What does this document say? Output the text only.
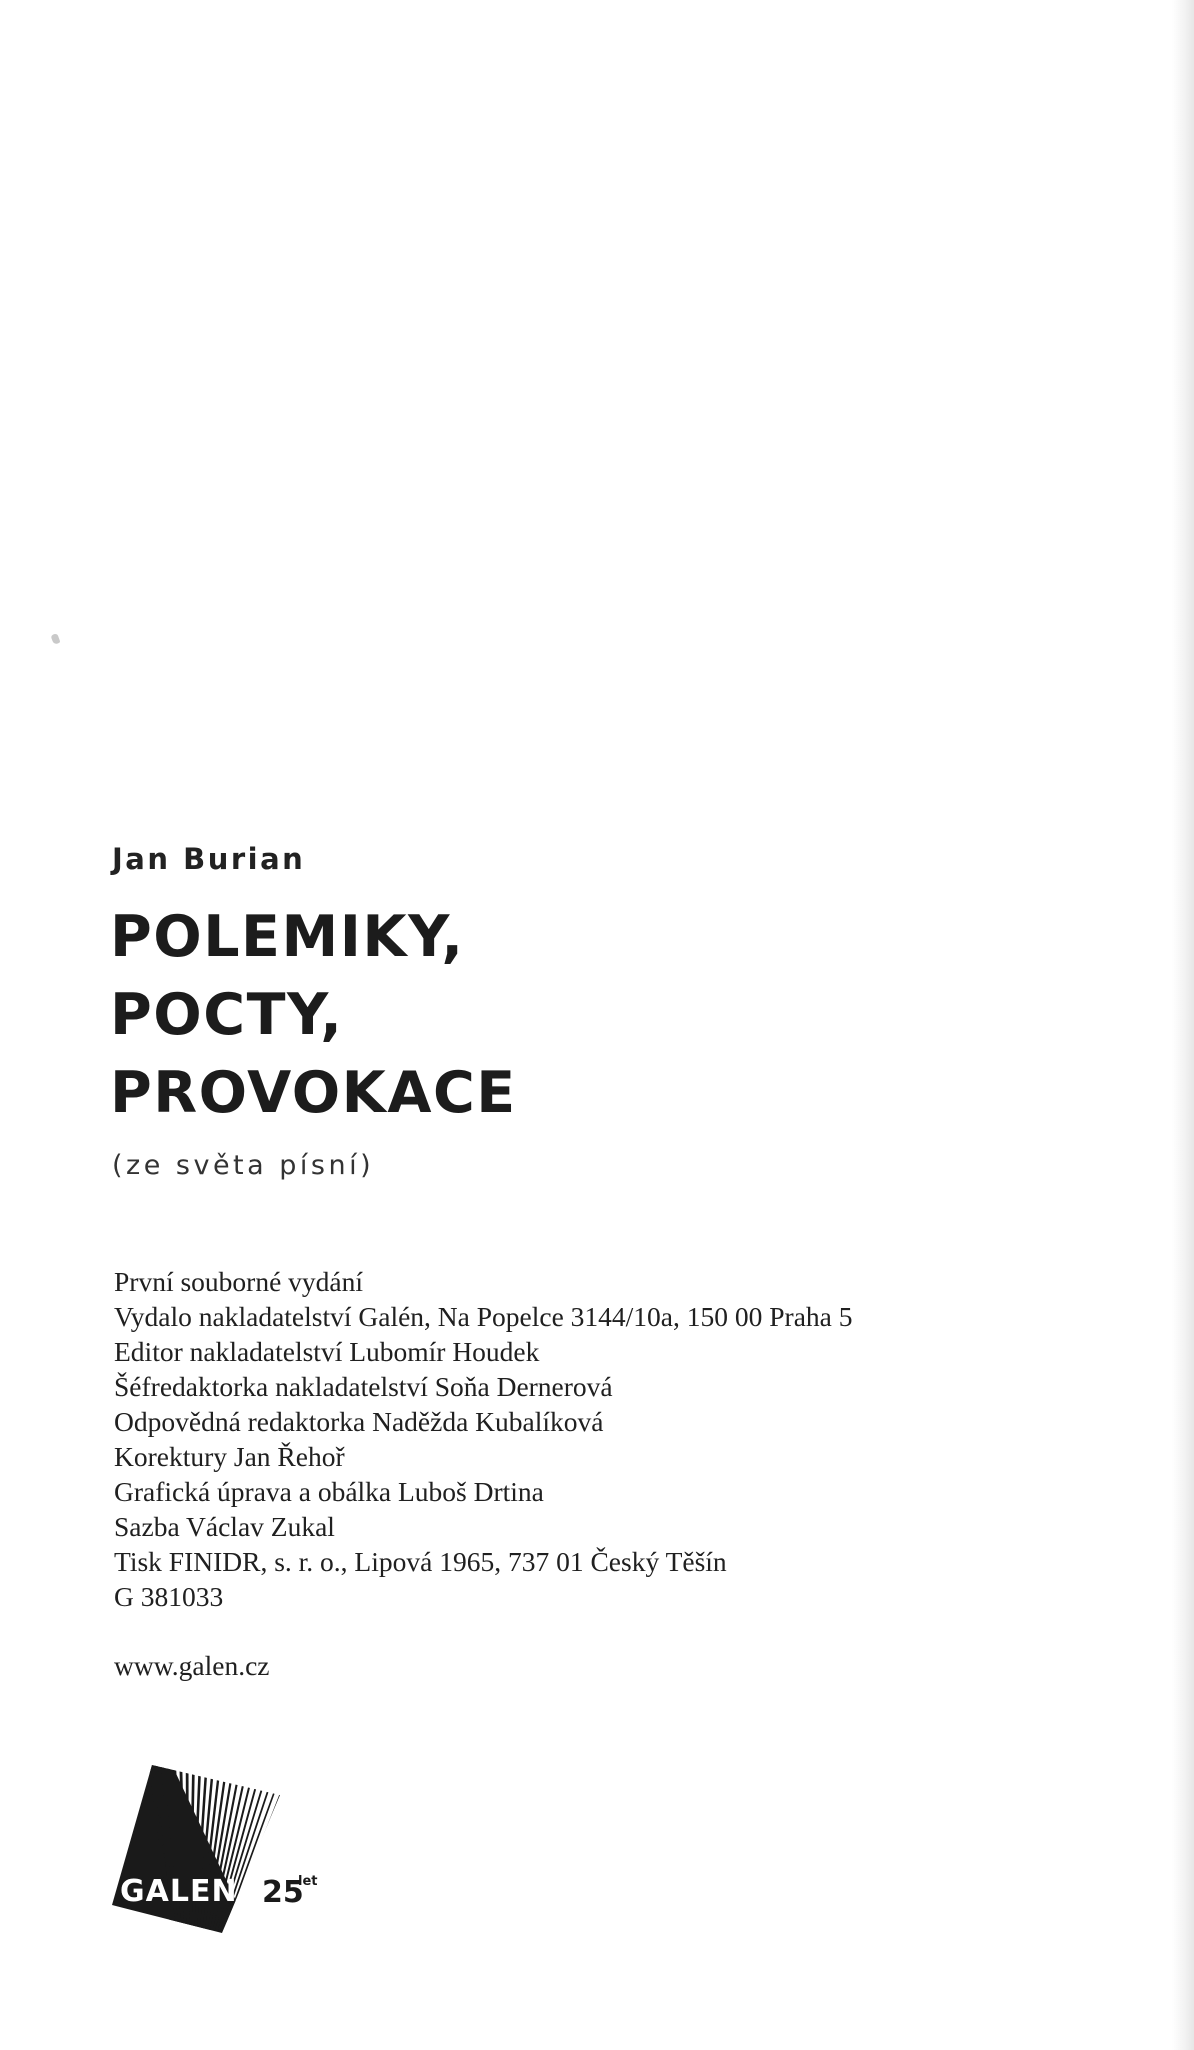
Jan Burian
POLEMIKY,
POCTY,
PROVOKACE
(ze světa písní)
První souborné vydání
Vydalo nakladatelství Galén, Na Popelce 3144/10a, 150 00 Praha 5
Editor nakladatelství Lubomír Houdek
Šéfredaktorka nakladatelství Soňa Dernerová
Odpovědná redaktorka Naděžda Kubalíková
Korektury Jan Řehoř
Grafická úprava a obálka Luboš Drtina
Sazba Václav Zukal
Tisk FINIDR, s. r. o., Lipová 1965, 737 01 Český Těšín
G 381033
www.galen.cz
GALEN 25
let
